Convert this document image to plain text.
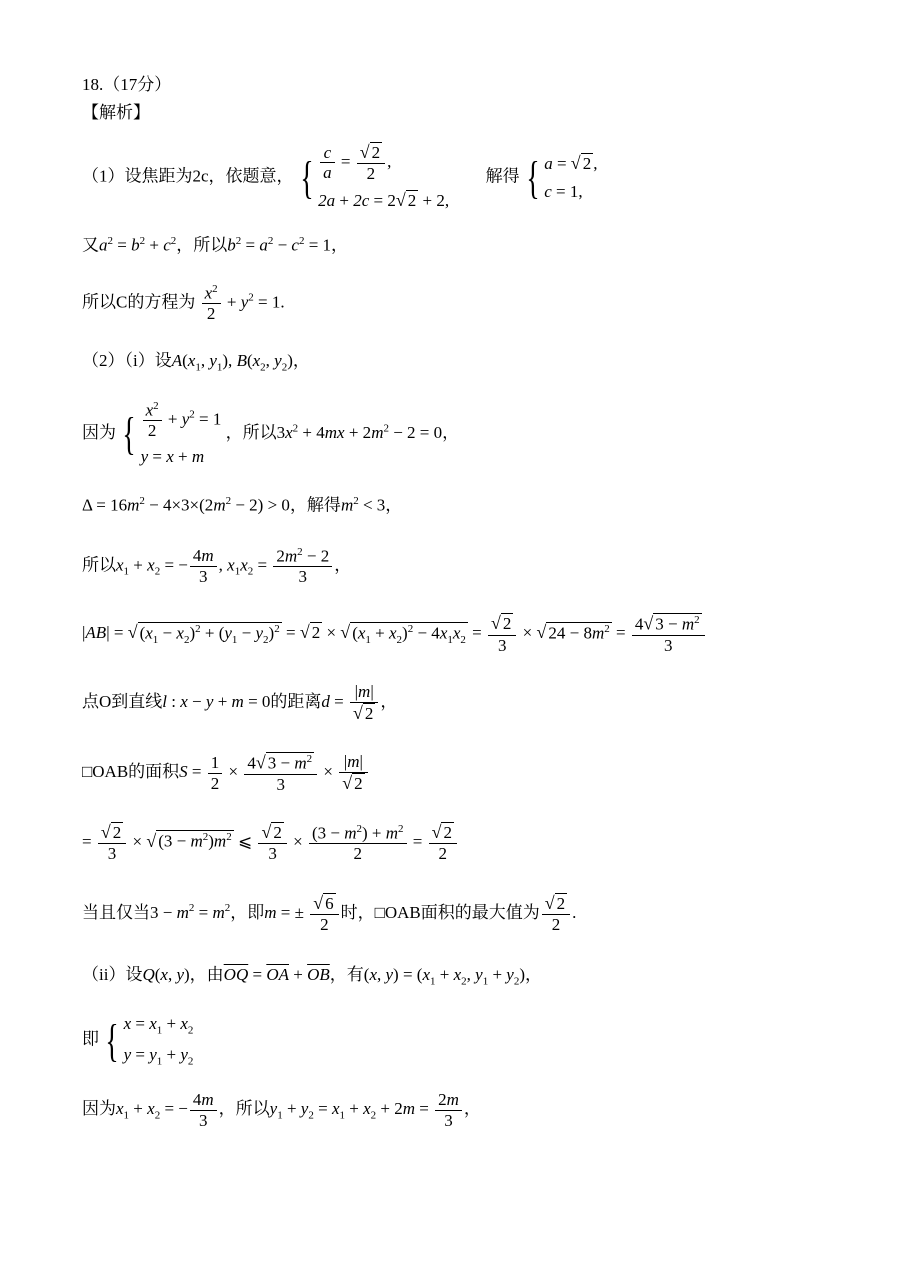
18.（17分）
【解析】
（1）设焦距为2c，依题意， { $\frac{c}{a} = \frac{√ 2}{2}$ ,
2a + 2c = 2√ 2 + 2,
解得 { a = √ 2 ,
c = 1,
又$a^2 = b^2 + c^2$，所以$b^2 = a^2 - c^2 = 1$，
所以C的方程为 $\frac{x^2}{2} + y^2 = 1$.
（2）（i）设$A(x_1$, $y_1$), $B(x_2$, $y_2$)，
因为 { $\frac{x^2}{2} + y^2 = 1$
y = x + m
，所以$3x^2 + 4mx + 2m^2 - 2 = 0$，
$\Delta = 16m^2 - 4\times 3\times(2m^2 - 2) > 0$，解得$m^2 < 3$，
所以$x_1 + x_2$ = − $\frac{4m}{3}$ , $x_1x_2 = \frac{2m^2 - 2}{3}$ ，
|AB| = √ $(x_1 - x_2)^2 + (y_1 - y_2)^2$ = √ 2 × √ $(x_1 + x_2)^2 - 4x_1x_2 = \frac{√ 2}{3}$ × √ $24 - 8m^2 = \frac{4√ 3 - m^2}{3}$
点O到直线l : x − y + m = 0的距离$d = \frac{|m|}{√ 2}$ ，
□OAB的面积$S = \frac{1}{2} \times \frac{4√ 3 - m^2}{3} \times \frac{|m|}{√ 2}$
= $\frac{√ 2}{3}$ × √ $(3 - m^2)m^2$ ⩽ $\frac{√ 2}{3} \times \frac{(3 - m^2) + m^2}{2} = \frac{√ 2}{2}$
当且仅当$3 - m^2 = m^2$，即m = ± $\frac{√ 6}{2}$ 时，□OAB面积的最大值为 $\frac{√ 2}{2}$ .
（ii）设Q(x, y)，由$\overline{OQ} = \overline{OA} + \overline{OB}$，有(x, $y) = (x_1 + x_2$, $y_1 + y_2$)，
即 { $x = x_1 + x_2$
$y = y_1 + y_2$
因为$x_1 + x_2$ = − $\frac{4m}{3}$ ，所以$y_1 + y_2 = x_1 + x_2 + 2m = \frac{2m}{3}$ ，
